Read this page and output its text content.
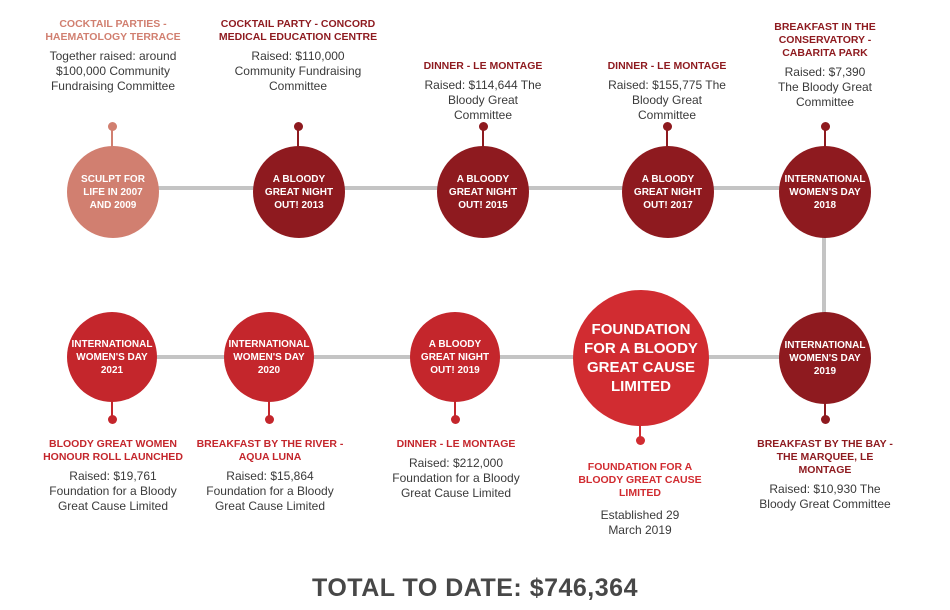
SCULPT FOR LIFE IN 2007 AND 2009
COCKTAIL PARTIES - HAEMATOLOGY TERRACE
Together raised: around $100,000 Community Fundraising Committee
A BLOODY GREAT NIGHT OUT! 2013
COCKTAIL PARTY - CONCORD MEDICAL EDUCATION CENTRE
Raised: $110,000 Community Fundraising Committee
A BLOODY GREAT NIGHT OUT! 2015
DINNER - LE MONTAGE
Raised: $114,644 The Bloody Great Committee
A BLOODY GREAT NIGHT OUT! 2017
DINNER - LE MONTAGE
Raised: $155,775 The Bloody Great Committee
INTERNATIONAL WOMEN'S DAY 2018
BREAKFAST IN THE CONSERVATORY - CABARITA PARK
Raised: $7,390 The Bloody Great Committee
INTERNATIONAL WOMEN'S DAY 2021
BLOODY GREAT WOMEN HONOUR ROLL LAUNCHED
Raised: $19,761 Foundation for a Bloody Great Cause Limited
INTERNATIONAL WOMEN'S DAY 2020
BREAKFAST BY THE RIVER - AQUA LUNA
Raised: $15,864 Foundation for a Bloody Great Cause Limited
A BLOODY GREAT NIGHT OUT! 2019
DINNER - LE MONTAGE
Raised: $212,000 Foundation for a Bloody Great Cause Limited
FOUNDATION FOR A BLOODY GREAT CAUSE LIMITED
FOUNDATION FOR A BLOODY GREAT CAUSE LIMITED
Established 29 March 2019
INTERNATIONAL WOMEN'S DAY 2019
BREAKFAST BY THE BAY - THE MARQUEE, LE MONTAGE
Raised: $10,930 The Bloody Great Committee
TOTAL TO DATE: $746,364
